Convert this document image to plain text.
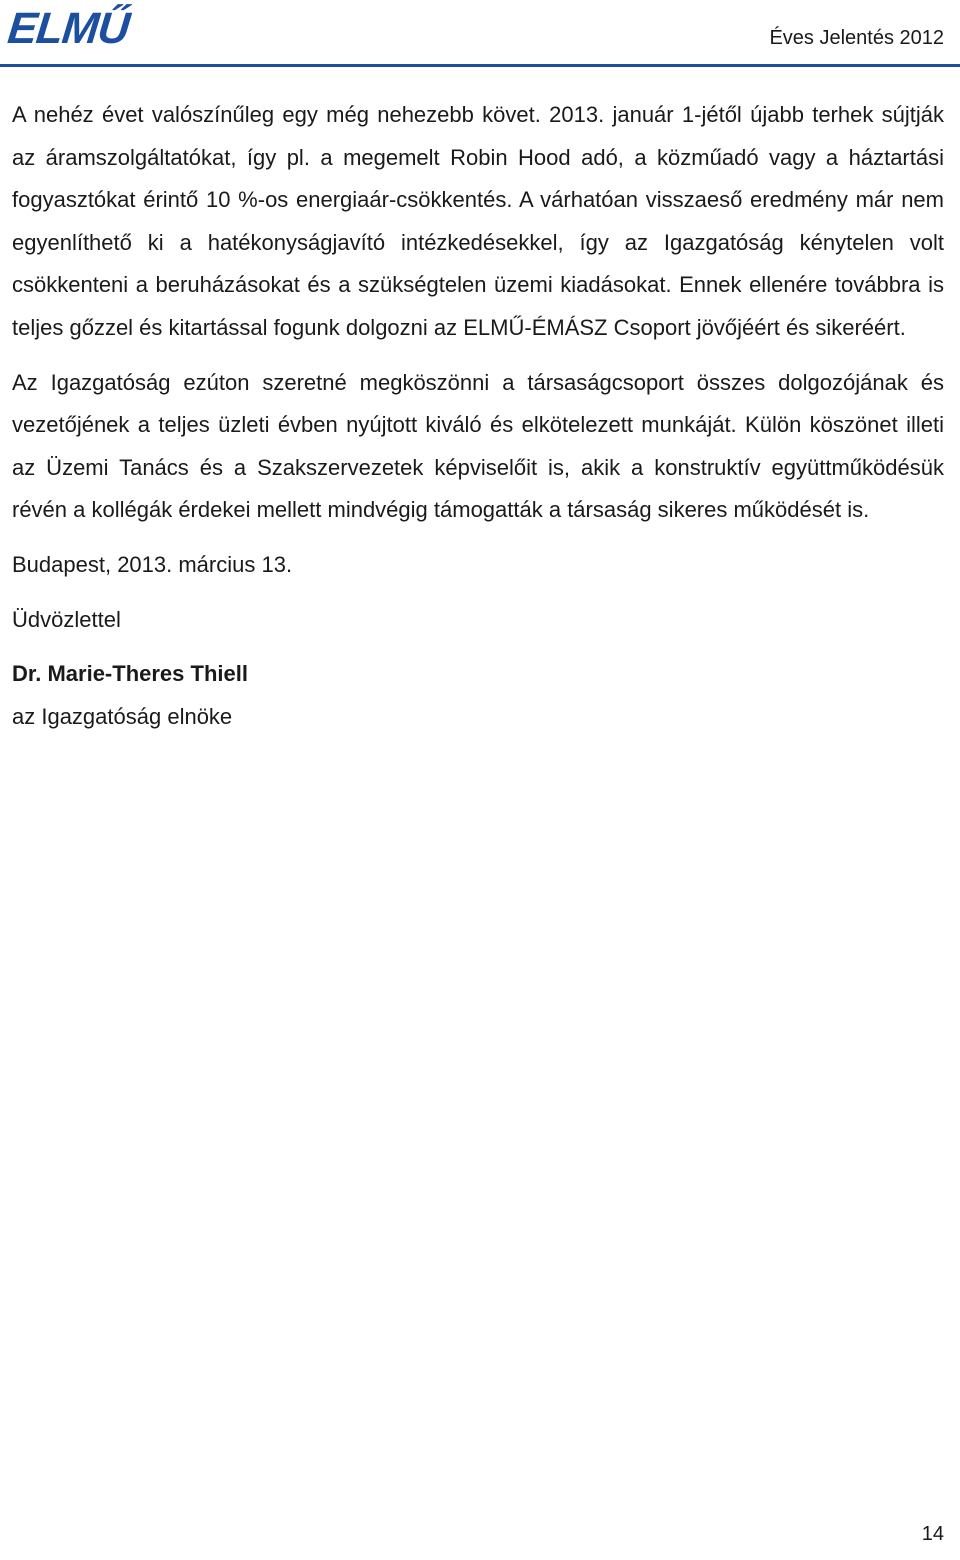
ELMŰ	Éves Jelentés 2012

A nehéz évet valószínűleg egy még nehezebb követ. 2013. január 1-jétől újabb terhek sújtják az áramszolgáltatókat, így pl. a megemelt Robin Hood adó, a közműadó vagy a háztartási fogyasztókat érintő 10 %-os energiaár-csökkentés. A várhatóan visszaeső eredmény már nem egyenlíthető ki a hatékonyságjavító intézkedésekkel, így az Igazgatóság kénytelen volt csökkenteni a beruházásokat és a szükségtelen üzemi kiadásokat. Ennek ellenére továbbra is teljes gőzzel és kitartással fogunk dolgozni az ELMŰ-ÉMÁSZ Csoport jövőjéért és sikeréért.

Az Igazgatóság ezúton szeretné megköszönni a társaságcsoport összes dolgozójának és vezetőjének a teljes üzleti évben nyújtott kiváló és elkötelezett munkáját. Külön köszönet illeti az Üzemi Tanács és a Szakszervezetek képviselőit is, akik a konstruktív együttműködésük révén a kollégák érdekei mellett mindvégig támogatták a társaság sikeres működését is.

Budapest, 2013. március 13.

Üdvözlettel

Dr. Marie-Theres Thiell

az Igazgatóság elnöke

14
